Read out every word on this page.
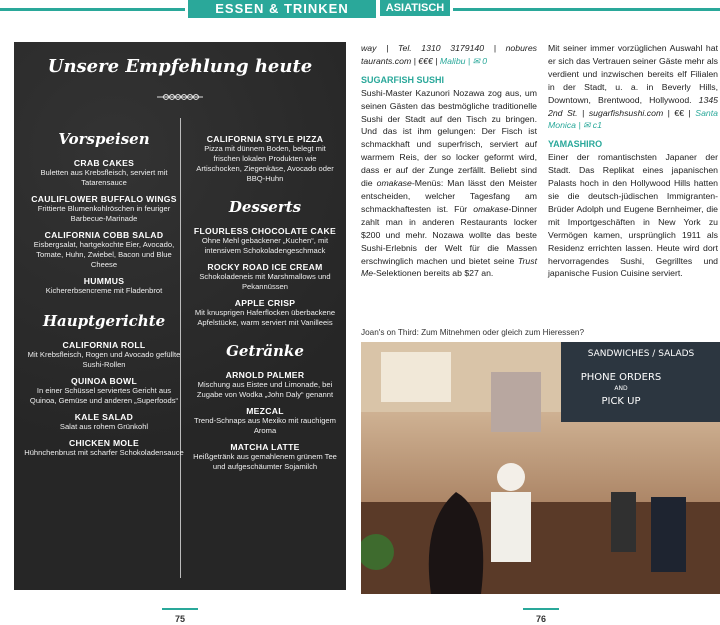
ESSEN & TRINKEN	ASIATISCH
Unsere Empfehlung heute
Vorspeisen
CRAB CAKES
Buletten aus Krebsfleisch, serviert mit Tatarensauce
CAULIFLOWER BUFFALO WINGS
Frittierte Blumenkohlröschen in feuriger Barbecue-Marinade
CALIFORNIA COBB SALAD
Eisbergsalat, hartgekochte Eier, Avocado, Tomate, Huhn, Zwiebel, Bacon und Blue Cheese
HUMMUS
Kichererbsencreme mit Fladenbrot
Hauptgerichte
CALIFORNIA ROLL
Mit Krebsfleisch, Rogen und Avocado gefüllte Sushi-Rollen
QUINOA BOWL
In einer Schüssel serviertes Gericht aus Quinoa, Gemüse und anderen „Superfoods“
KALE SALAD
Salat aus rohem Grünkohl
CHICKEN MOLE
Hühnchenbrust mit scharfer Schokoladensauce
CALIFORNIA STYLE PIZZA
Pizza mit dünnem Boden, belegt mit frischen lokalen Produkten wie Artischocken, Ziegenkäse, Avocado oder BBQ-Huhn
Desserts
FLOURLESS CHOCOLATE CAKE
Ohne Mehl gebackener „Kuchen“, mit intensivem Schokoladengeschmack
ROCKY ROAD ICE CREAM
Schokoladeneis mit Marshmallows und Pekannüssen
APPLE CRISP
Mit knusprigen Haferflocken überbackene Apfelstücke, warm serviert mit Vanilleeis
Getränke
ARNOLD PALMER
Mischung aus Eistee und Limonade, bei Zugabe von Wodka „John Daly“ genannt
MEZCAL
Trend-Schnaps aus Mexiko mit rauchigem Aroma
MATCHA LATTE
Heißgetränk aus gemahlenem grünem Tee und aufgeschäumter Sojamilch
75
way | Tel. 1310 3179140 | nobures taurants.com | €€€ | Malibu | ✉ 0
SUGARFISH SUSHI
Sushi-Master Kazunori Nozawa zog aus, um seinen Gästen das bestmögliche traditionelle Sushi der Stadt auf den Tisch zu bringen. Und das ist ihm gelungen: Der Fisch ist schmackhaft und superfrisch, serviert auf warmem Reis, der so locker geformt wird, dass er auf der Zunge zerfällt. Beliebt sind die omakase-Menüs: Man lässt den Meister entscheiden, welcher Tagesfang am schmackhaftesten ist. Für omakase-Dinner zahlt man in anderen Restaurants locker $200 und mehr. Nozawa wollte das beste Sushi-Erlebnis der Welt für die Massen erschwinglich machen und bietet seine Trust Me-Selektionen bereits ab $27 an.
Mit seiner immer vorzüglichen Auswahl hat er sich das Vertrauen seiner Gäste mehr als verdient und inzwischen bereits elf Filialen in der Stadt, u. a. in Beverly Hills, Downtown, Brentwood, Hollywood. 1345 2nd St. | sugarfishsushi.com | €€ | Santa Monica | ✉ c1
YAMASHIRO
Einer der romantischsten Japaner der Stadt. Das Replikat eines japanischen Palasts hoch in den Hollywood Hills hatten sie die deutsch-jüdischen Immigranten-Brüder Adolph und Eugene Bernheimer, die mit Importgeschäften in New York zu Vermögen kamen, ursprünglich 1911 als Residenz errichten lassen. Heute wird dort hervorragendes Sushi, Gegrilltes und japanische Fusion Cuisine serviert.
Joan's on Third: Zum Mitnehmen oder gleich zum Hieressen?
SANDWICHES / SALADS
PHONE ORDERS
AND
PICK UP
76
